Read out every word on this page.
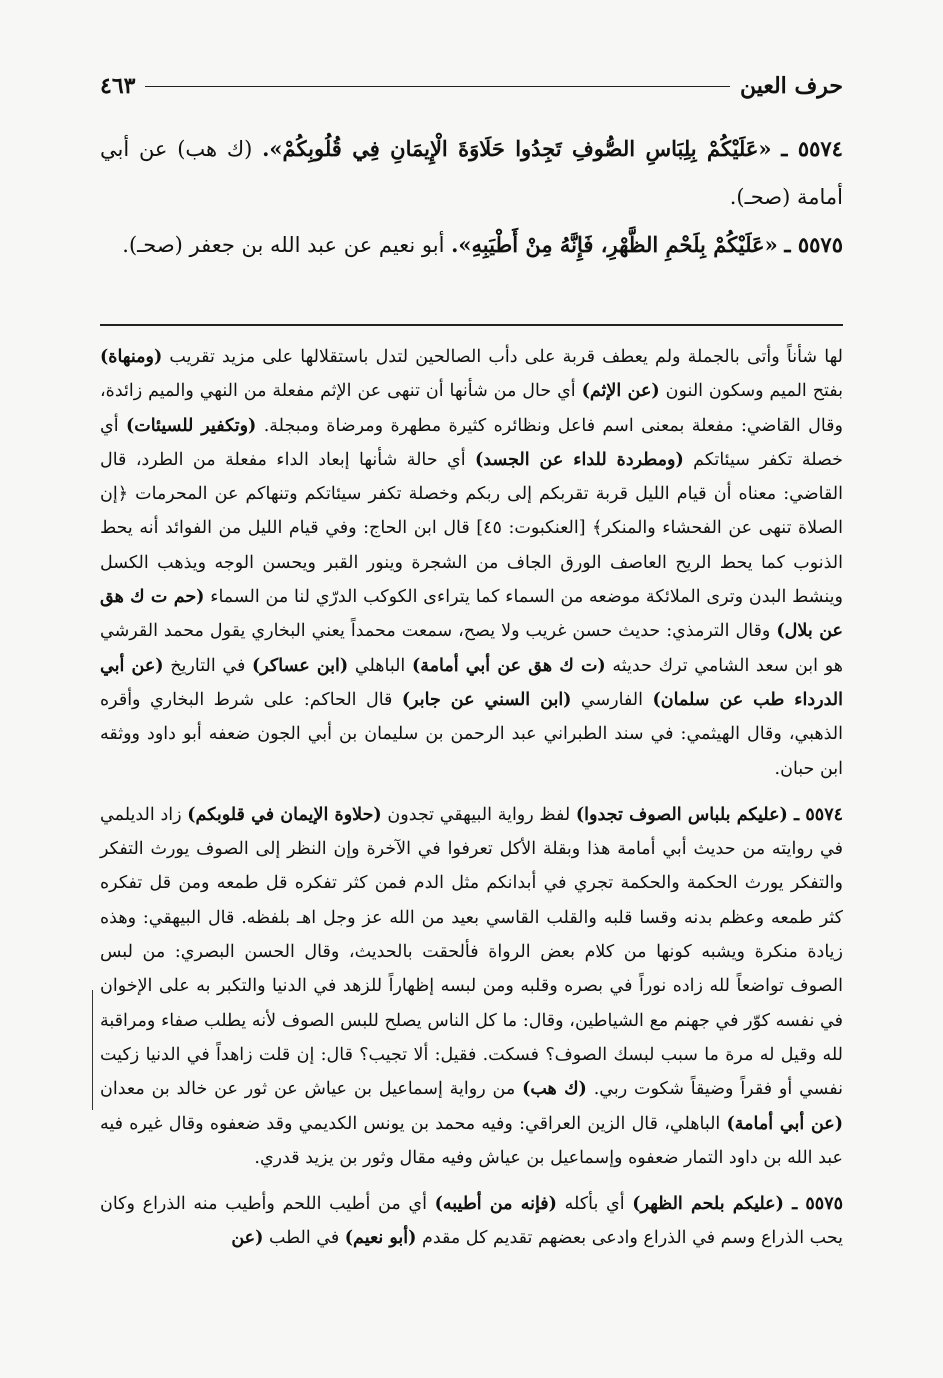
حرف العين
٤٦٣

٥٥٧٤ ـ «عَلَيْكُمْ بِلِبَاسِ الصُّوفِ تَجِدُوا حَلَاوَةَ الْإِيمَانِ فِي قُلُوبِكُمْ». (ك هب) عن أبي أمامة (صحـ).

٥٥٧٥ ـ «عَلَيْكُمْ بِلَحْمِ الظَّهْرِ، فَإِنَّهُ مِنْ أَطْيَبِهِ». أبو نعيم عن عبد الله بن جعفر (صحـ).

لها شأناً وأتى بالجملة ولم يعطف قربة على دأب الصالحين لتدل باستقلالها على مزيد تقريب (ومنهاة) بفتح الميم وسكون النون (عن الإثم) أي حال من شأنها أن تنهى عن الإثم مفعلة من النهي والميم زائدة، وقال القاضي: مفعلة بمعنى اسم فاعل ونظائره كثيرة مطهرة ومرضاة ومبجلة. (وتكفير للسيئات) أي خصلة تكفر سيئاتكم (ومطردة للداء عن الجسد) أي حالة شأنها إبعاد الداء مفعلة من الطرد، قال القاضي: معناه أن قيام الليل قربة تقربكم إلى ربكم وخصلة تكفر سيئاتكم وتنهاكم عن المحرمات ﴿إن الصلاة تنهى عن الفحشاء والمنكر﴾ [العنكبوت: ٤٥] قال ابن الحاج: وفي قيام الليل من الفوائد أنه يحط الذنوب كما يحط الريح العاصف الورق الجاف من الشجرة وينور القبر ويحسن الوجه ويذهب الكسل وينشط البدن وترى الملائكة موضعه من السماء كما يتراءى الكوكب الدرّي لنا من السماء (حم ت ك هق عن بلال) وقال الترمذي: حديث حسن غريب ولا يصح، سمعت محمداً يعني البخاري يقول محمد القرشي هو ابن سعد الشامي ترك حديثه (ت ك هق عن أبي أمامة) الباهلي (ابن عساكر) في التاريخ (عن أبي الدرداء طب عن سلمان) الفارسي (ابن السني عن جابر) قال الحاكم: على شرط البخاري وأقره الذهبي، وقال الهيثمي: في سند الطبراني عبد الرحمن بن سليمان بن أبي الجون ضعفه أبو داود ووثقه ابن حبان.

٥٥٧٤ ـ (عليكم بلباس الصوف تجدوا) لفظ رواية البيهقي تجدون (حلاوة الإيمان في قلوبكم) زاد الديلمي في روايته من حديث أبي أمامة هذا وبقلة الأكل تعرفوا في الآخرة وإن النظر إلى الصوف يورث التفكر والتفكر يورث الحكمة والحكمة تجري في أبدانكم مثل الدم فمن كثر تفكره قل طمعه ومن قل تفكره كثر طمعه وعظم بدنه وقسا قلبه والقلب القاسي بعيد من الله عز وجل اهـ بلفظه. قال البيهقي: وهذه زيادة منكرة ويشبه كونها من كلام بعض الرواة فألحقت بالحديث، وقال الحسن البصري: من لبس الصوف تواضعاً لله زاده نوراً في بصره وقلبه ومن لبسه إظهاراً للزهد في الدنيا والتكبر به على الإخوان في نفسه كوّر في جهنم مع الشياطين، وقال: ما كل الناس يصلح للبس الصوف لأنه يطلب صفاء ومراقبة لله وقيل له مرة ما سبب لبسك الصوف؟ فسكت. فقيل: ألا تجيب؟ قال: إن قلت زاهداً في الدنيا زكيت نفسي أو فقراً وضيقاً شكوت ربي. (ك هب) من رواية إسماعيل بن عياش عن ثور عن خالد بن معدان (عن أبي أمامة) الباهلي، قال الزين العراقي: وفيه محمد بن يونس الكديمي وقد ضعفوه وقال غيره فيه عبد الله بن داود التمار ضعفوه وإسماعيل بن عياش وفيه مقال وثور بن يزيد قدري.

٥٥٧٥ ـ (عليكم بلحم الظهر) أي بأكله (فإنه من أطيبه) أي من أطيب اللحم وأطيب منه الذراع وكان يحب الذراع وسم في الذراع وادعى بعضهم تقديم كل مقدم (أبو نعيم) في الطب (عن
